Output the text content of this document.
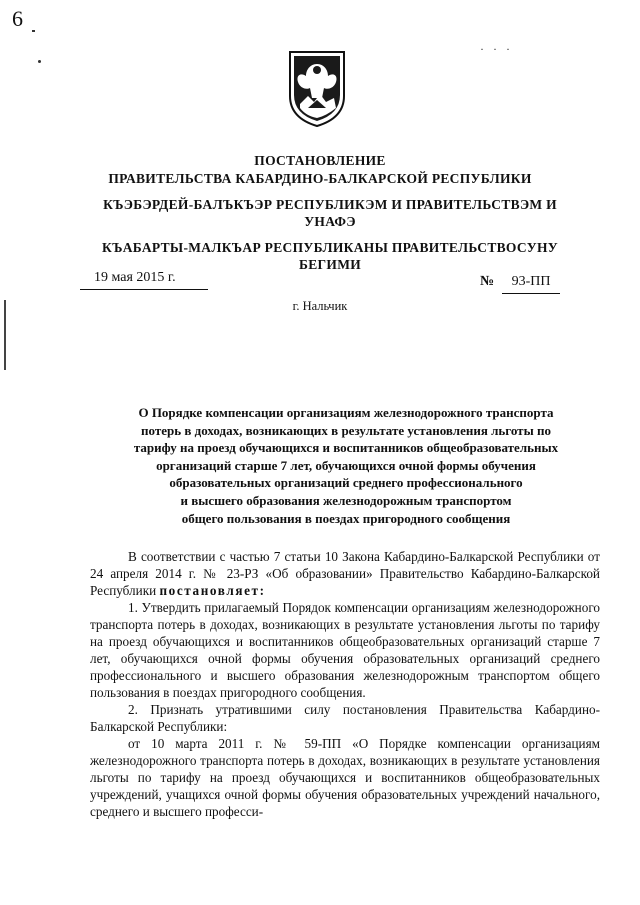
6
· · ·
ПОСТАНОВЛЕНИЕ
ПРАВИТЕЛЬСТВА КАБАРДИНО-БАЛКАРСКОЙ РЕСПУБЛИКИ
КЪЭБЭРДЕЙ-БАЛЪКЪЭР РЕСПУБЛИКЭМ И ПРАВИТЕЛЬСТВЭМ И УНАФЭ
КЪАБАРТЫ-МАЛКЪАР РЕСПУБЛИКАНЫ ПРАВИТЕЛЬСТВОСУНУ БЕГИМИ
19 мая 2015 г.	№ 93-ПП
г. Нальчик
О Порядке компенсации организациям железнодорожного транспорта
потерь в доходах, возникающих в результате установления льготы по
тарифу на проезд обучающихся и воспитанников общеобразовательных
организаций старше 7 лет, обучающихся очной формы обучения
образовательных организаций среднего профессионального
и высшего образования железнодорожным транспортом
общего пользования в поездах пригородного сообщения

В соответствии с частью 7 статьи 10 Закона Кабардино-Балкарской Республики от 24 апреля 2014 г. № 23-РЗ «Об образовании» Правительство Кабардино-Балкарской Республики постановляет:

1. Утвердить прилагаемый Порядок компенсации организациям железнодорожного транспорта потерь в доходах, возникающих в результате установления льготы по тарифу на проезд обучающихся и воспитанников общеобразовательных организаций старше 7 лет, обучающихся очной формы обучения образовательных организаций среднего профессионального и высшего образования железнодорожным транспортом общего пользования в поездах пригородного сообщения.

2. Признать утратившими силу постановления Правительства Кабардино-Балкарской Республики:

от 10 марта 2011 г. № 59-ПП «О Порядке компенсации организациям железнодорожного транспорта потерь в доходах, возникающих в результате установления льготы по тарифу на проезд обучающихся и воспитанников общеобразовательных учреждений, учащихся очной формы обучения образовательных учреждений начального, среднего и высшего професси-
